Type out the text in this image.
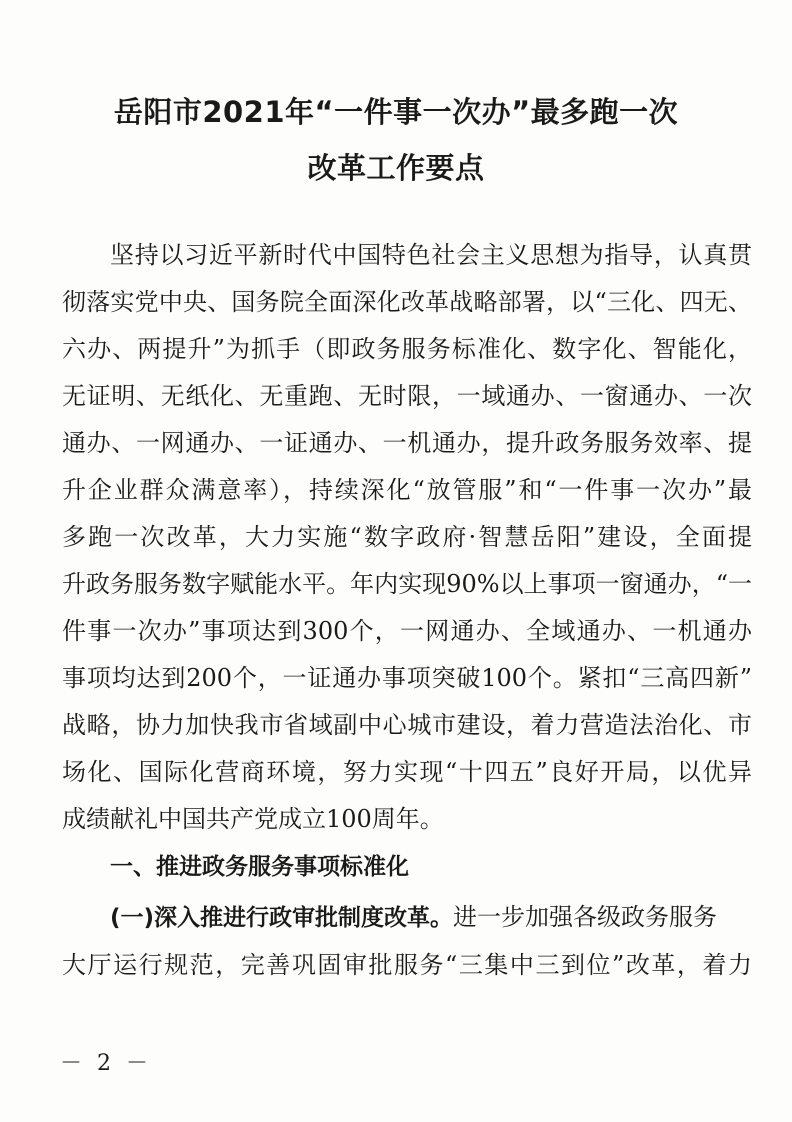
岳阳市2021年“一件事一次办”最多跑一次
改革工作要点
坚持以习近平新时代中国特色社会主义思想为指导，认真贯
彻落实党中央、国务院全面深化改革战略部署，以“三化、四无、
六办、两提升”为抓手（即政务服务标准化、数字化、智能化，
无证明、无纸化、无重跑、无时限，一域通办、一窗通办、一次
通办、一网通办、一证通办、一机通办，提升政务服务效率、提
升企业群众满意率），持续深化“放管服”和“一件事一次办”最
多跑一次改革，大力实施“数字政府·智慧岳阳”建设，全面提
升政务服务数字赋能水平。年内实现90%以上事项一窗通办，“一
件事一次办”事项达到300个，一网通办、全域通办、一机通办
事项均达到200个，一证通办事项突破100个。紧扣“三高四新”
战略，协力加快我市省域副中心城市建设，着力营造法治化、市
场化、国际化营商环境，努力实现“十四五”良好开局，以优异
成绩献礼中国共产党成立100周年。
一、推进政务服务事项标准化
(一)深入推进行政审批制度改革。进一步加强各级政务服务
大厅运行规范，完善巩固审批服务“三集中三到位”改革，着力
－ 2 －
